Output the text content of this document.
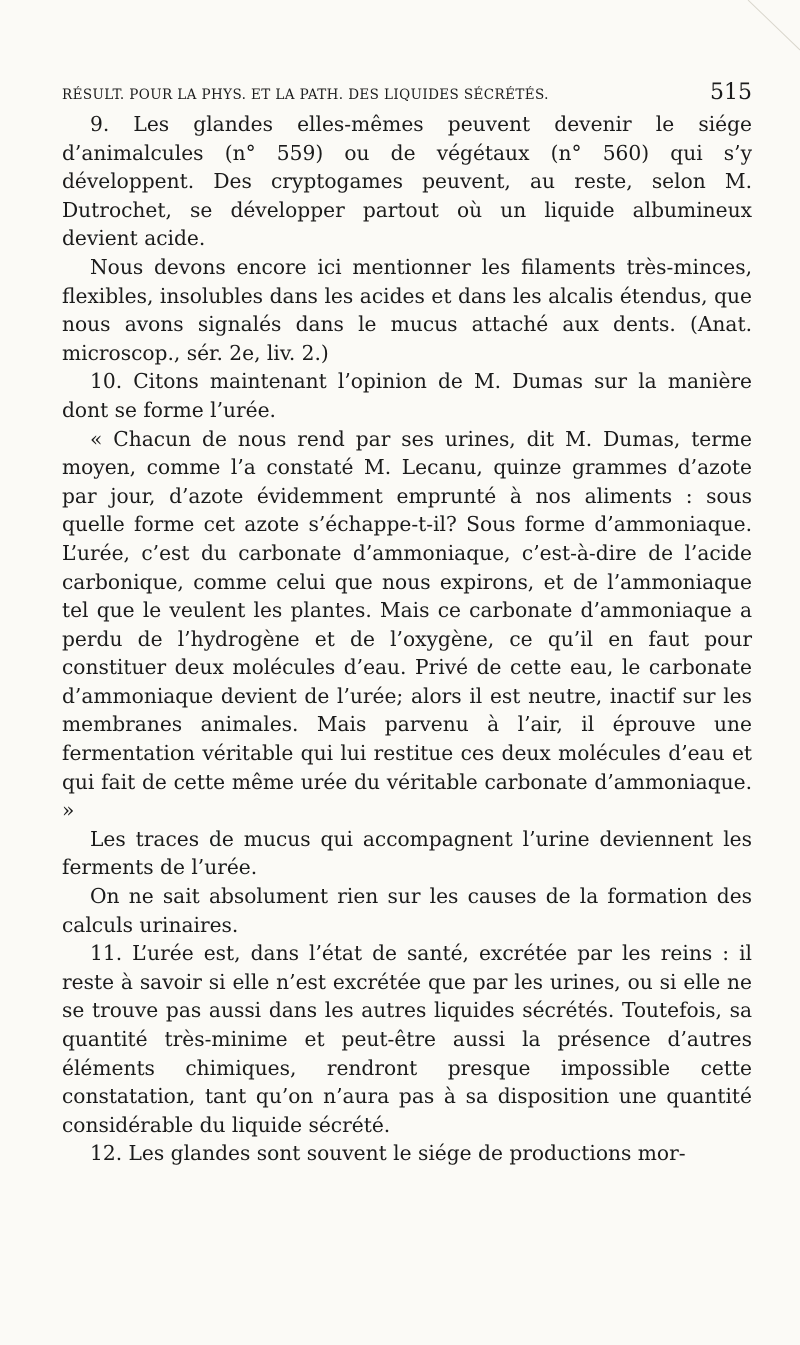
RÉSULT. POUR LA PHYS. ET LA PATH. DES LIQUIDES SÉCRÉTÉS.	515

9. Les glandes elles-mêmes peuvent devenir le siége d’animalcules (n° 559) ou de végétaux (n° 560) qui s’y développent. Des cryptogames peuvent, au reste, selon M. Dutrochet, se développer partout où un liquide albumineux devient acide.

Nous devons encore ici mentionner les filaments très-minces, flexibles, insolubles dans les acides et dans les alcalis étendus, que nous avons signalés dans le mucus attaché aux dents. (Anat. microscop., sér. 2e, liv. 2.)

10. Citons maintenant l’opinion de M. Dumas sur la manière dont se forme l’urée.

« Chacun de nous rend par ses urines, dit M. Dumas, terme moyen, comme l’a constaté M. Lecanu, quinze grammes d’azote par jour, d’azote évidemment emprunté à nos aliments : sous quelle forme cet azote s’échappe-t-il? Sous forme d’ammoniaque. L’urée, c’est du carbonate d’ammoniaque, c’est-à-dire de l’acide carbonique, comme celui que nous expirons, et de l’ammoniaque tel que le veulent les plantes. Mais ce carbonate d’ammoniaque a perdu de l’hydrogène et de l’oxygène, ce qu’il en faut pour constituer deux molécules d’eau. Privé de cette eau, le carbonate d’ammoniaque devient de l’urée; alors il est neutre, inactif sur les membranes animales. Mais parvenu à l’air, il éprouve une fermentation véritable qui lui restitue ces deux molécules d’eau et qui fait de cette même urée du véritable carbonate d’ammoniaque. »

Les traces de mucus qui accompagnent l’urine deviennent les ferments de l’urée.

On ne sait absolument rien sur les causes de la formation des calculs urinaires.

11. L’urée est, dans l’état de santé, excrétée par les reins : il reste à savoir si elle n’est excrétée que par les urines, ou si elle ne se trouve pas aussi dans les autres liquides sécrétés. Toutefois, sa quantité très-minime et peut-être aussi la présence d’autres éléments chimiques, rendront presque impossible cette constatation, tant qu’on n’aura pas à sa disposition une quantité considérable du liquide sécrété.

12. Les glandes sont souvent le siége de productions mor-
